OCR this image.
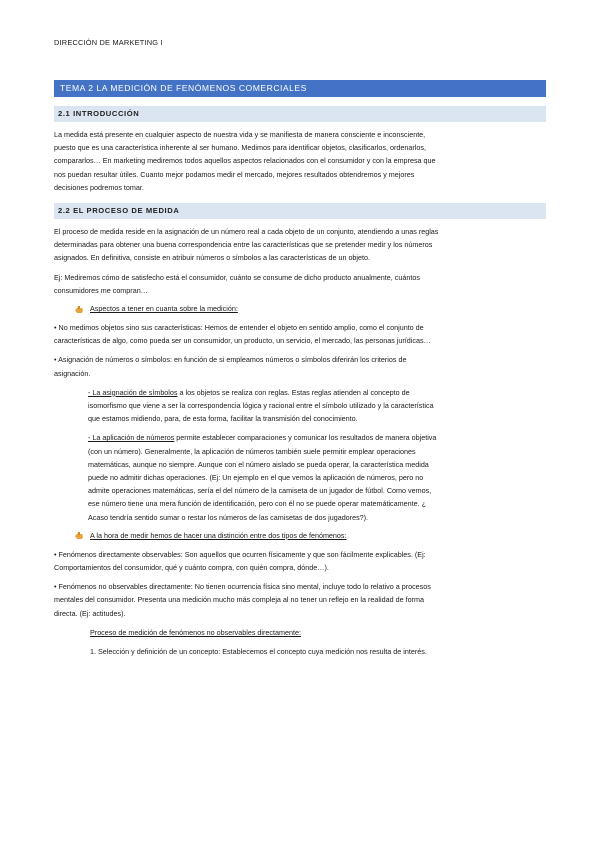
DIRECCIÓN DE MARKETING I
TEMA 2 LA MEDICIÓN DE FENÓMENOS COMERCIALES
2.1 INTRODUCCIÓN
La medida está presente en cualquier aspecto de nuestra vida y se manifiesta de manera consciente e inconsciente,
puesto que es una característica inherente al ser humano. Medimos para identificar objetos, clasificarlos, ordenarlos,
compararlos… En marketing mediremos todos aquellos aspectos relacionados con el consumidor y con la empresa que
nos puedan resultar útiles. Cuanto mejor podamos medir el mercado, mejores resultados obtendremos y mejores
decisiones podremos tomar.
2.2 EL PROCESO DE MEDIDA
El proceso de medida reside en la asignación de un número real a cada objeto de un conjunto, atendiendo a unas reglas
determinadas para obtener una buena correspondencia entre las características que se pretender medir y los números
asignados. En definitiva, consiste en atribuir números o símbolos a las características de un objeto.
Ej: Mediremos cómo de satisfecho está el consumidor, cuánto se consume de dicho producto anualmente, cuántos
consumidores me compran…
Aspectos a tener en cuanta sobre la medición:
• No medimos objetos sino sus características: Hemos de entender el objeto en sentido amplio, como el conjunto de
características de algo, como pueda ser un consumidor, un producto, un servicio, el mercado, las personas jurídicas…
• Asignación de números o símbolos: en función de si empleamos números o símbolos diferirán los criterios de
asignación.
- La asignación de símbolos a los objetos se realiza con reglas. Estas reglas atienden al concepto de
isomorfismo que viene a ser la correspondencia lógica y racional entre el símbolo utilizado y la característica
que estamos midiendo, para, de esta forma, facilitar la transmisión del conocimiento.
- La aplicación de números permite establecer comparaciones y comunicar los resultados de manera objetiva
(con un número). Generalmente, la aplicación de números también suele permitir emplear operaciones
matemáticas, aunque no siempre. Aunque con el número aislado se pueda operar, la característica medida
puede no admitir dichas operaciones. (Ej: Un ejemplo en el que vemos la aplicación de números, pero no
admite operaciones matemáticas, sería el del número de la camiseta de un jugador de fútbol. Como vemos,
ese número tiene una mera función de identificación, pero con él no se puede operar matemáticamente. ¿
Acaso tendría sentido sumar o restar los números de las camisetas de dos jugadores?).
A la hora de medir hemos de hacer una distinción entre dos tipos de fenómenos:
• Fenómenos directamente observables: Son aquellos que ocurren físicamente y que son fácilmente explicables. (Ej:
Comportamientos del consumidor, qué y cuánto compra, con quién compra, dónde…).
• Fenómenos no observables directamente: No tienen ocurrencia física sino mental, incluye todo lo relativo a procesos
mentales del consumidor. Presenta una medición mucho más compleja al no tener un reflejo en la realidad de forma
directa. (Ej: actitudes).
Proceso de medición de fenómenos no observables directamente:
1. Selección y definición de un concepto: Establecemos el concepto cuya medición nos resulta de interés.
